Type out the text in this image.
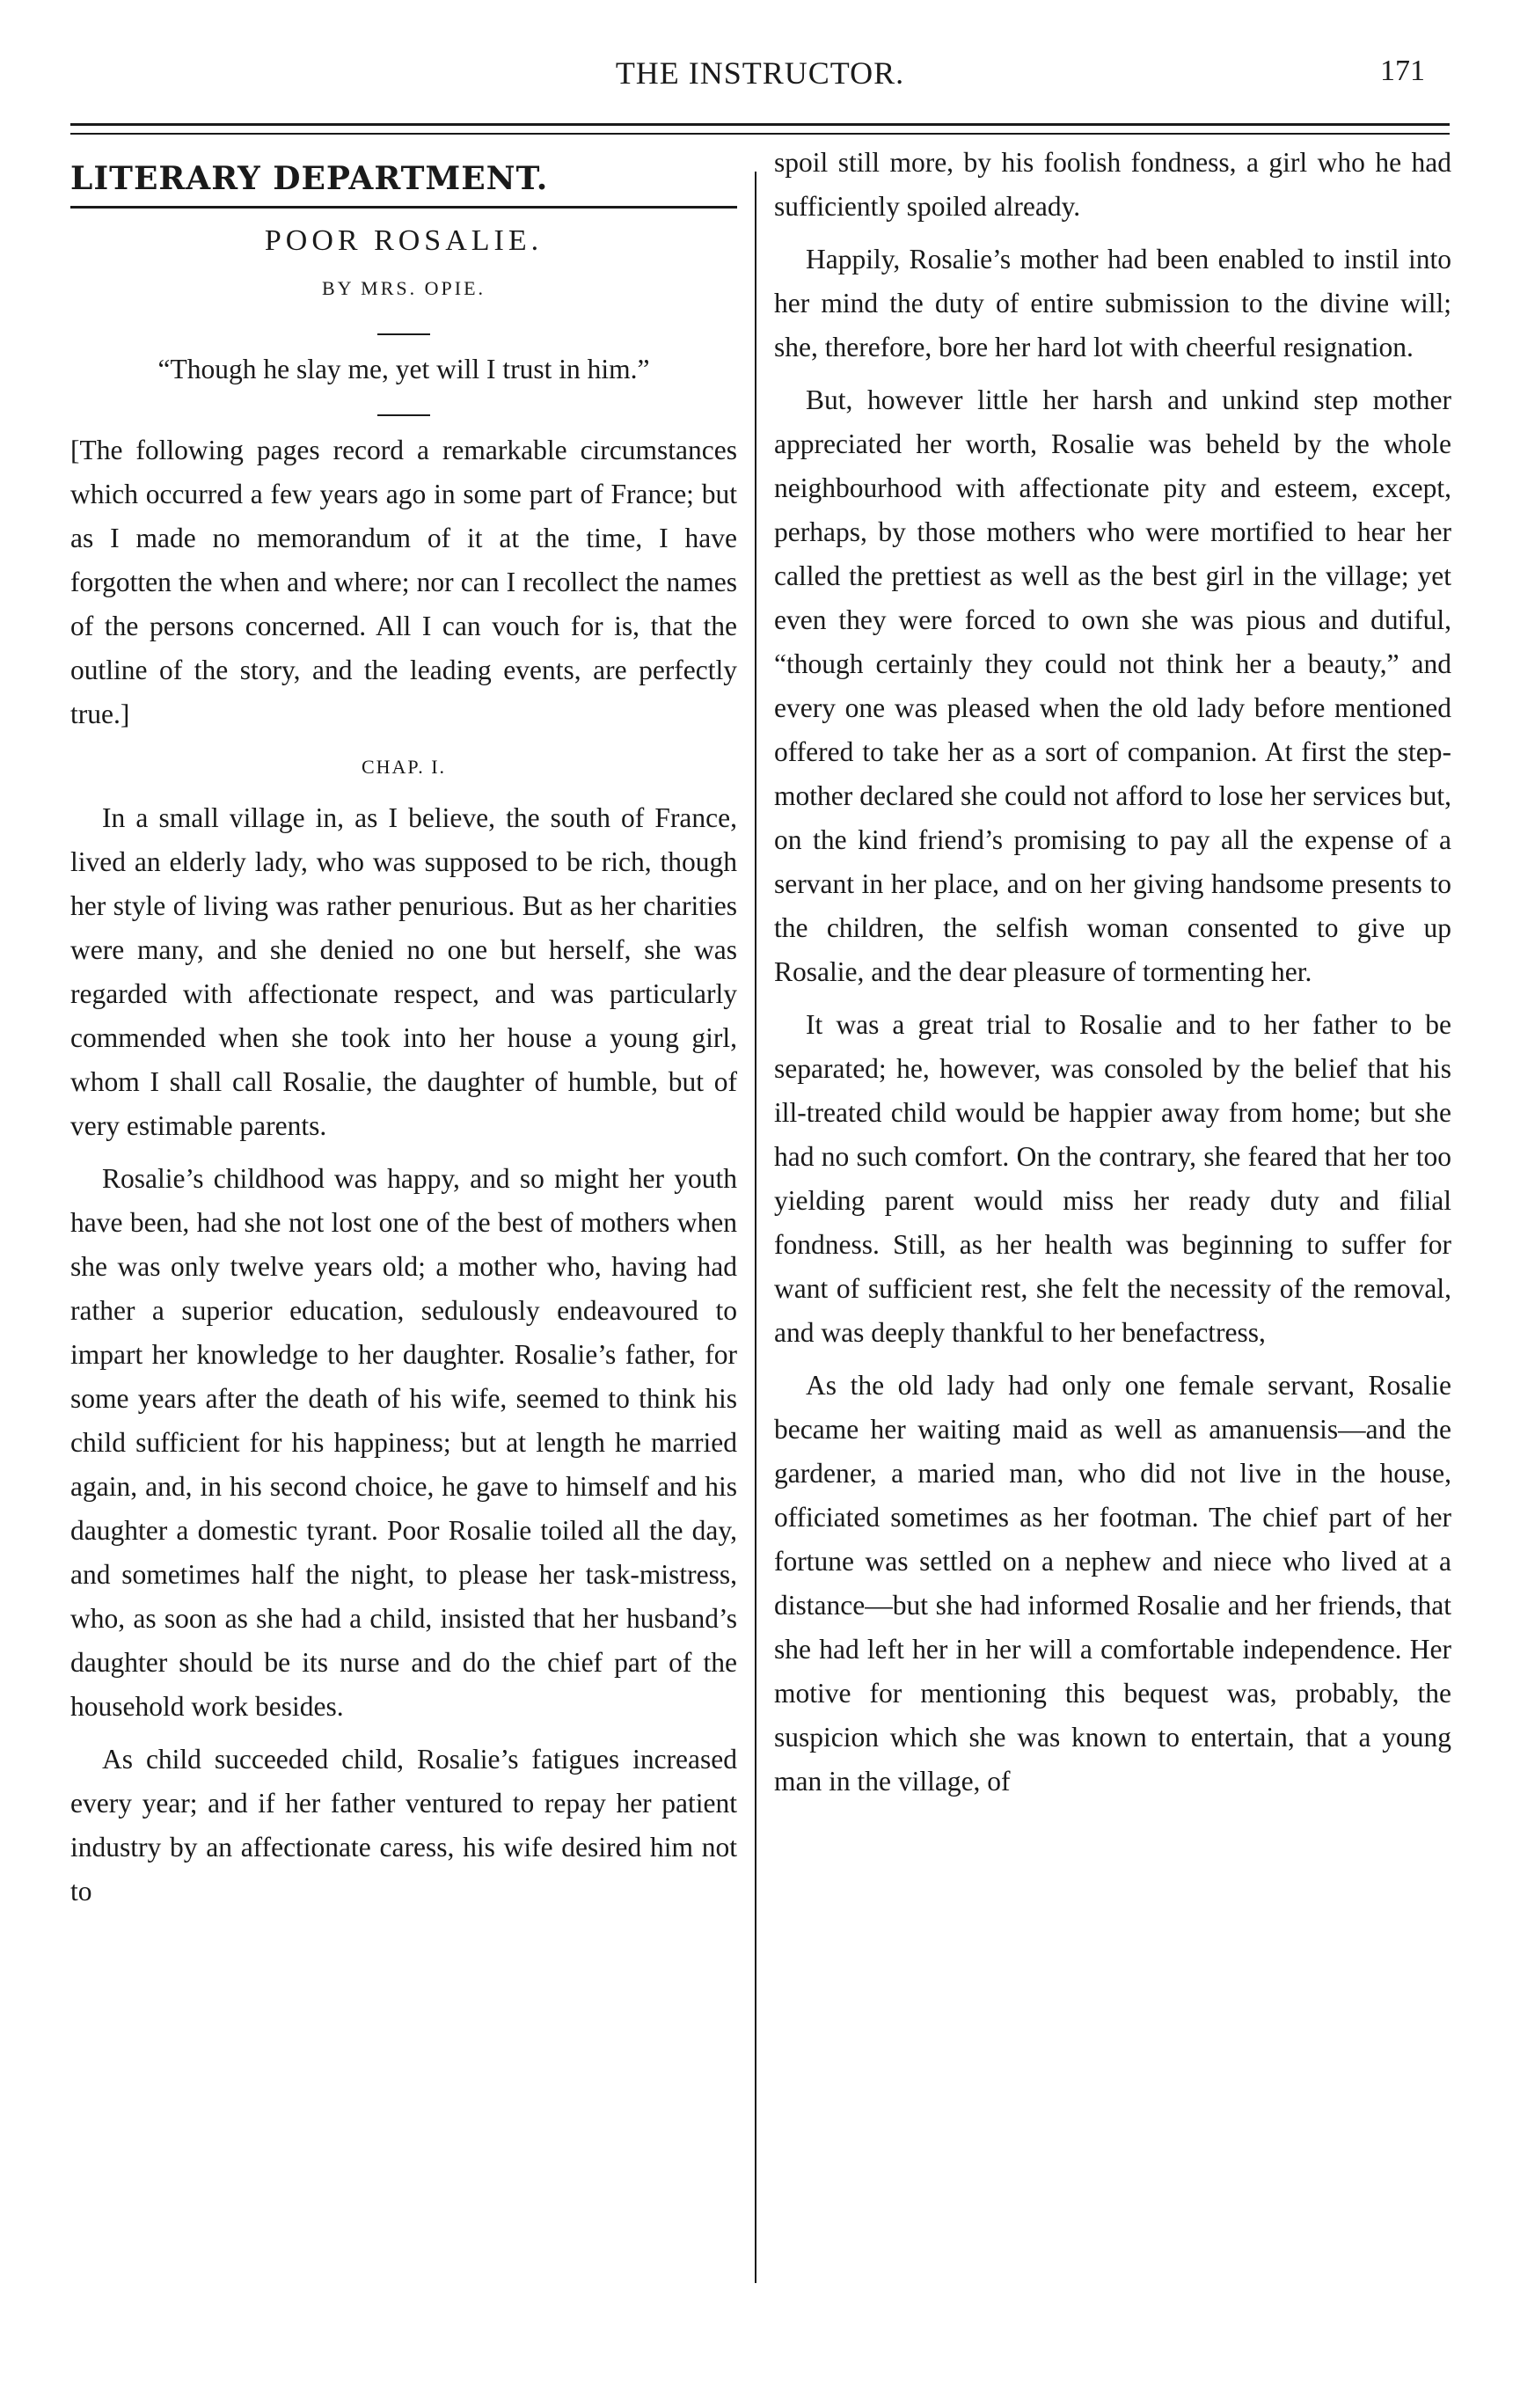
THE INSTRUCTOR.	171
LITERARY DEPARTMENT.
POOR ROSALIE.
BY MRS. OPIE.
“Though he slay me, yet will I trust in him.”

[The following pages record a remarkable circumstances which occurred a few years ago in some part of France; but as I made no memorandum of it at the time, I have forgotten the when and where; nor can I recollect the names of the persons concerned. All I can vouch for is, that the outline of the story, and the leading events, are perfectly true.]

CHAP. I.

In a small village in, as I believe, the south of France, lived an elderly lady, who was supposed to be rich, though her style of living was rather penurious. But as her charities were many, and she denied no one but herself, she was regarded with affectionate respect, and was particularly commended when she took into her house a young girl, whom I shall call Rosalie, the daughter of humble, but of very estimable parents.

Rosalie’s childhood was happy, and so might her youth have been, had she not lost one of the best of mothers when she was only twelve years old; a mother who, having had rather a superior education, sedulously endeavoured to impart her knowledge to her daughter. Rosalie’s father, for some years after the death of his wife, seemed to think his child sufficient for his happiness; but at length he married again, and, in his second choice, he gave to himself and his daughter a domestic tyrant. Poor Rosalie toiled all the day, and sometimes half the night, to please her task-mistress, who, as soon as she had a child, insisted that her husband’s daughter should be its nurse and do the chief part of the household work besides.

As child succeeded child, Rosalie’s fatigues increased every year; and if her father ventured to repay her patient industry by an affectionate caress, his wife desired him not to

spoil still more, by his foolish fondness, a girl who he had sufficiently spoiled already.

Happily, Rosalie’s mother had been enabled to instil into her mind the duty of entire submission to the divine will; she, therefore, bore her hard lot with cheerful resignation.

But, however little her harsh and unkind step mother appreciated her worth, Rosalie was beheld by the whole neighbourhood with affectionate pity and esteem, except, perhaps, by those mothers who were mortified to hear her called the prettiest as well as the best girl in the village; yet even they were forced to own she was pious and dutiful, “though certainly they could not think her a beauty,” and every one was pleased when the old lady before mentioned offered to take her as a sort of companion. At first the step-mother declared she could not afford to lose her services but, on the kind friend’s promising to pay all the expense of a servant in her place, and on her giving handsome presents to the children, the selfish woman consented to give up Rosalie, and the dear pleasure of tormenting her.

It was a great trial to Rosalie and to her father to be separated; he, however, was consoled by the belief that his ill-treated child would be happier away from home; but she had no such comfort. On the contrary, she feared that her too yielding parent would miss her ready duty and filial fondness. Still, as her health was beginning to suffer for want of sufficient rest, she felt the necessity of the removal, and was deeply thankful to her benefactress,

As the old lady had only one female servant, Rosalie became her waiting maid as well as amanuensis—and the gardener, a maried man, who did not live in the house, officiated sometimes as her footman. The chief part of her fortune was settled on a nephew and niece who lived at a distance—but she had informed Rosalie and her friends, that she had left her in her will a comfortable independence. Her motive for mentioning this bequest was, probably, the suspicion which she was known to entertain, that a young man in the village, of
